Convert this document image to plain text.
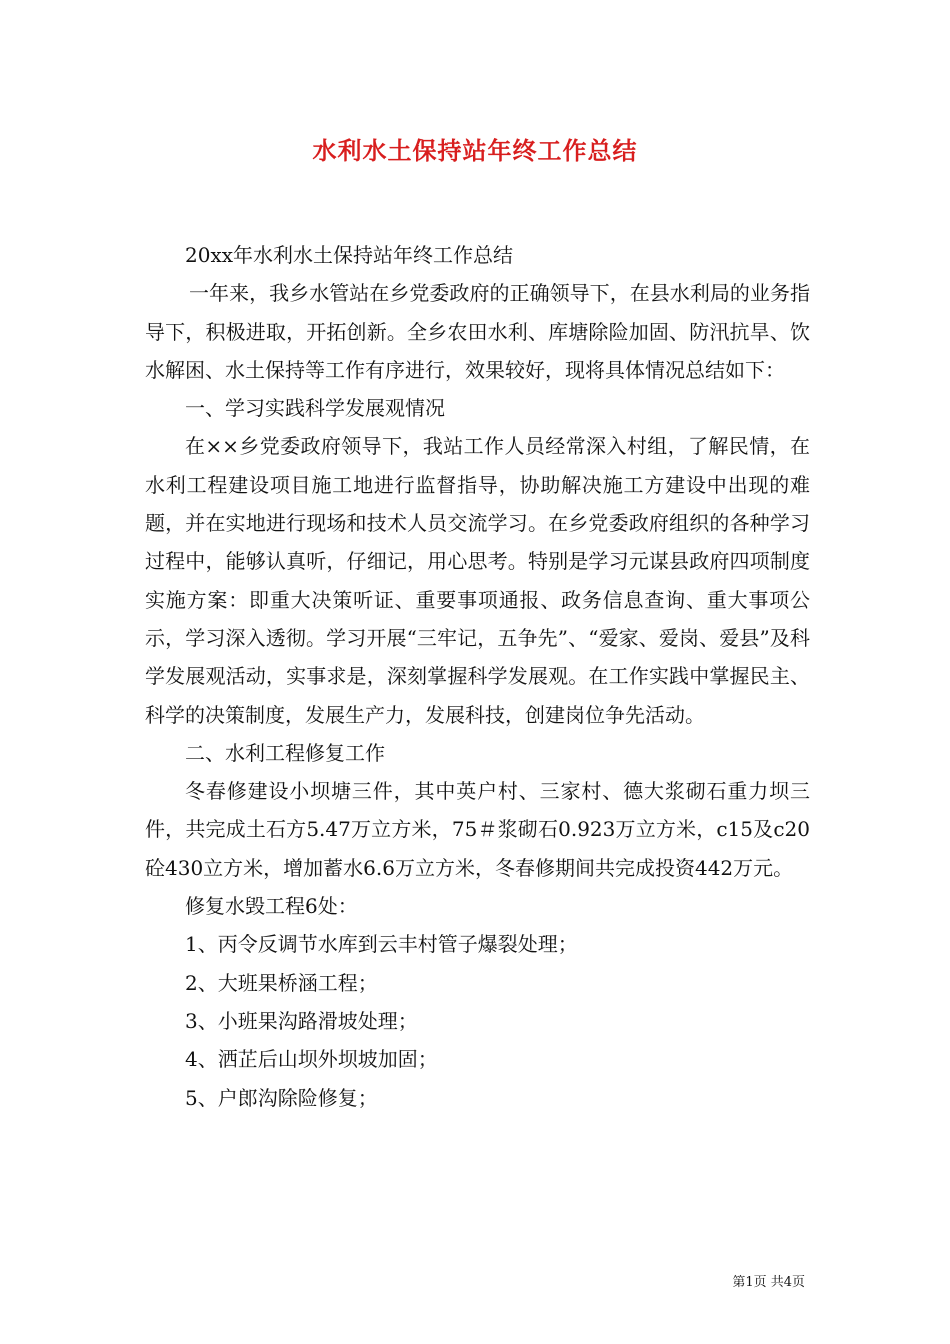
水利水土保持站年终工作总结

20xx年水利水土保持站年终工作总结

一年来，我乡水管站在乡党委政府的正确领导下，在县水利局的业务指导下，积极进取，开拓创新。全乡农田水利、库塘除险加固、防汛抗旱、饮水解困、水土保持等工作有序进行，效果较好，现将具体情况总结如下：

一、学习实践科学发展观情况

在××乡党委政府领导下，我站工作人员经常深入村组，了解民情，在水利工程建设项目施工地进行监督指导，协助解决施工方建设中出现的难题，并在实地进行现场和技术人员交流学习。在乡党委政府组织的各种学习过程中，能够认真听，仔细记，用心思考。特别是学习元谋县政府四项制度实施方案：即重大决策听证、重要事项通报、政务信息查询、重大事项公示，学习深入透彻。学习开展“三牢记，五争先”、“爱家、爱岗、爱县”及科学发展观活动，实事求是，深刻掌握科学发展观。在工作实践中掌握民主、科学的决策制度，发展生产力，发展科技，创建岗位争先活动。

二、水利工程修复工作

冬春修建设小坝塘三件，其中英户村、三家村、德大浆砌石重力坝三件，共完成土石方5.47万立方米，75＃浆砌石0.923万立方米，c15及c20砼430立方米，增加蓄水6.6万立方米，冬春修期间共完成投资442万元。

修复水毁工程6处：

1、丙令反调节水库到云丰村管子爆裂处理；

2、大班果桥涵工程；

3、小班果沟路滑坡处理；

4、洒芷后山坝外坝坡加固；

5、户郎沟除险修复；

第1页 共4页
